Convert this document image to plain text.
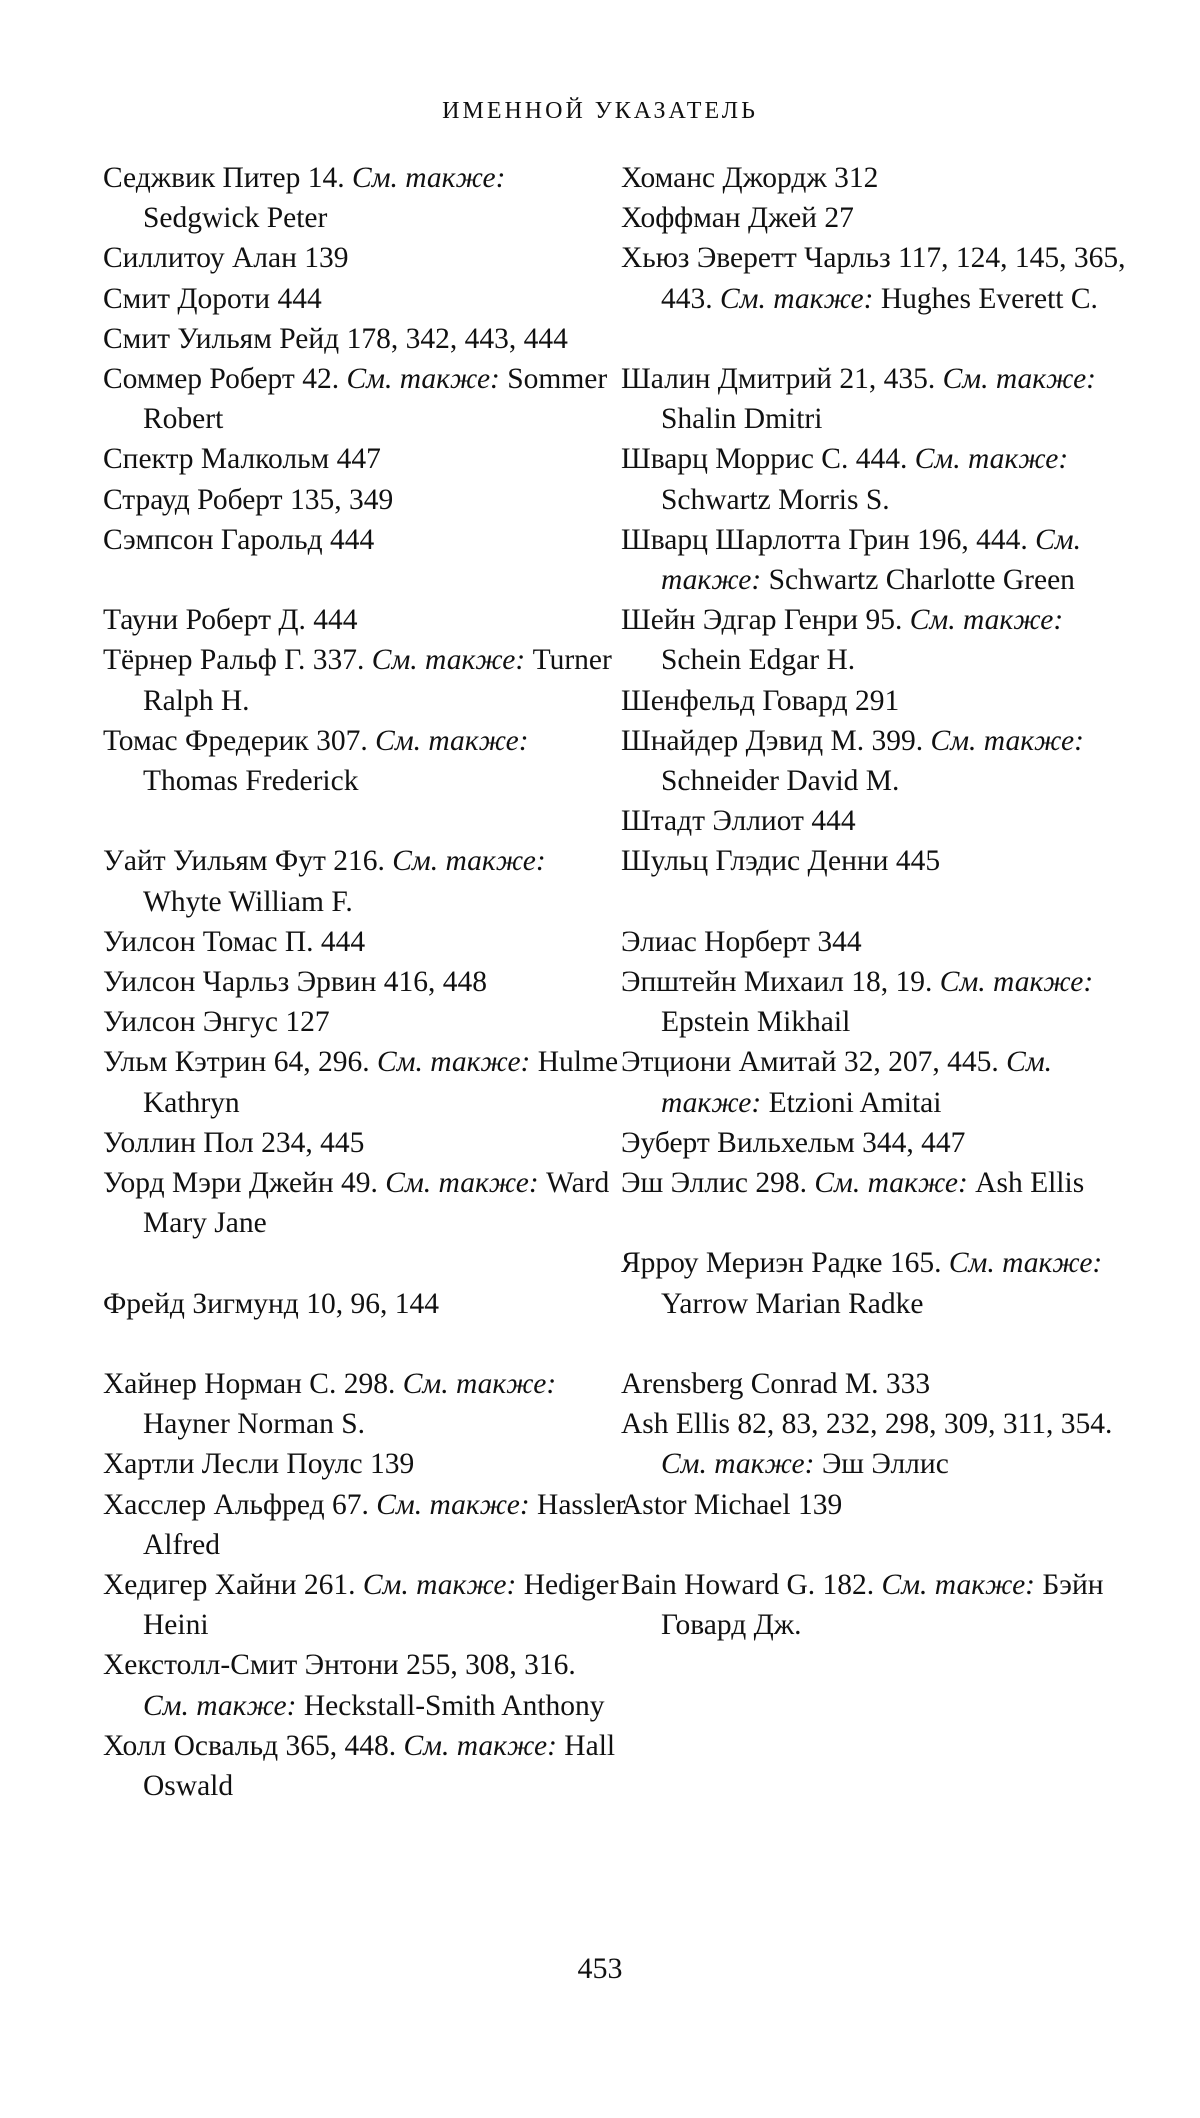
ИМЕННОЙ УКАЗАТЕЛЬ
Седжвик Питер 14. См. также: Sedgwick Peter
Силлитоу Алан 139
Смит Дороти 444
Смит Уильям Рейд 178, 342, 443, 444
Соммер Роберт 42. См. также: Sommer Robert
Спектр Малкольм 447
Страуд Роберт 135, 349
Сэмпсон Гарольд 444
Тауни Роберт Д. 444
Тёрнер Ральф Г. 337. См. также: Turner Ralph H.
Томас Фредерик 307. См. также: Thomas Frederick
Уайт Уильям Фут 216. См. также: Whyte William F.
Уилсон Томас П. 444
Уилсон Чарльз Эрвин 416, 448
Уилсон Энгус 127
Ульм Кэтрин 64, 296. См. также: Hulme Kathryn
Уоллин Пол 234, 445
Уорд Мэри Джейн 49. См. также: Ward Mary Jane
Фрейд Зигмунд 10, 96, 144
Хайнер Норман С. 298. См. также: Hayner Norman S.
Хартли Лесли Поулс 139
Хасслер Альфред 67. См. также: Hassler Alfred
Хедигер Хайни 261. См. также: Hediger Heini
Хекстолл-Смит Энтони 255, 308, 316. См. также: Heckstall-Smith Anthony
Холл Освальд 365, 448. См. также: Hall Oswald
Хоманс Джордж 312
Хоффман Джей 27
Хьюз Эверетт Чарльз 117, 124, 145, 365, 443. См. также: Hughes Everett C.
Шалин Дмитрий 21, 435. См. также: Shalin Dmitri
Шварц Моррис С. 444. См. также: Schwartz Morris S.
Шварц Шарлотта Грин 196, 444. См. также: Schwartz Charlotte Green
Шейн Эдгар Генри 95. См. также: Schein Edgar H.
Шенфельд Говард 291
Шнайдер Дэвид М. 399. См. также: Schneider David M.
Штадт Эллиот 444
Шульц Глэдис Денни 445
Элиас Норберт 344
Эпштейн Михаил 18, 19. См. также: Epstein Mikhail
Этциони Амитай 32, 207, 445. См. также: Etzioni Amitai
Эуберт Вильхельм 344, 447
Эш Эллис 298. См. также: Ash Ellis
Ярроу Мериэн Радке 165. См. также: Yarrow Marian Radke
Arensberg Conrad M. 333
Ash Ellis 82, 83, 232, 298, 309, 311, 354. См. также: Эш Эллис
Astor Michael 139
Bain Howard G. 182. См. также: Бэйн Говард Дж.
453
